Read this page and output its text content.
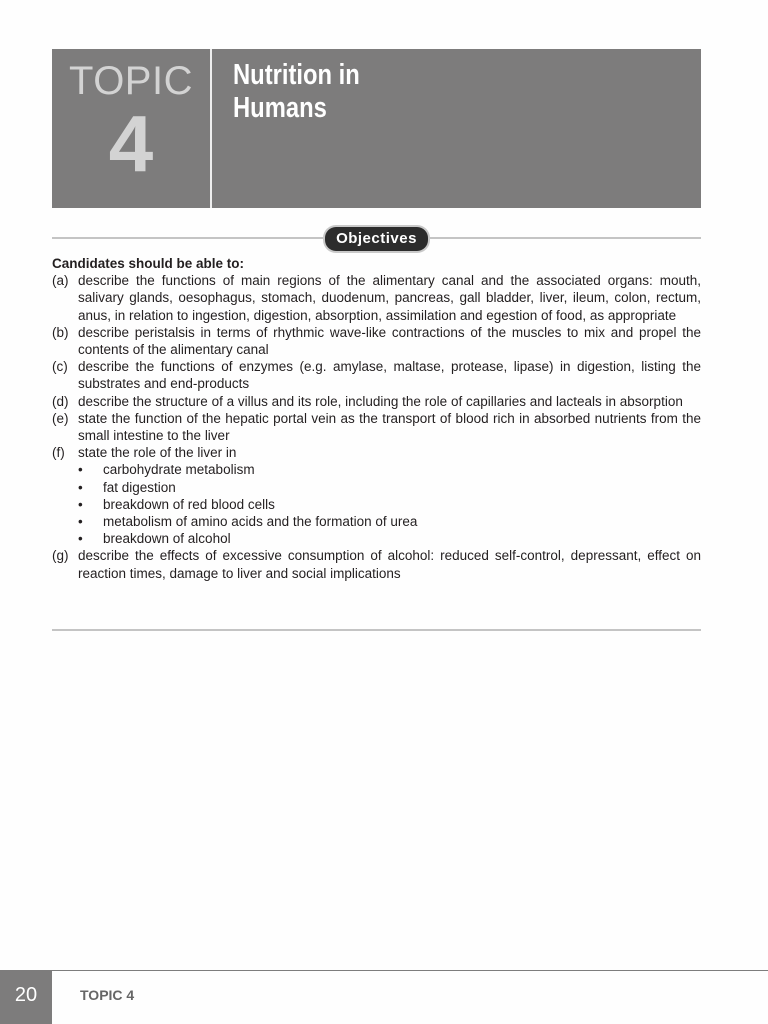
TOPIC
4
Nutrition in
Humans
Objectives
Candidates should be able to:
(a) describe the functions of main regions of the alimentary canal and the associated organs: mouth, salivary glands, oesophagus, stomach, duodenum, pancreas, gall bladder, liver, ileum, colon, rectum, anus, in relation to ingestion, digestion, absorption, assimilation and egestion of food, as appropriate
(b) describe peristalsis in terms of rhythmic wave-like contractions of the muscles to mix and propel the contents of the alimentary canal
(c) describe the functions of enzymes (e.g. amylase, maltase, protease, lipase) in digestion, listing the substrates and end-products
(d) describe the structure of a villus and its role, including the role of capillaries and lacteals in absorption
(e) state the function of the hepatic portal vein as the transport of blood rich in absorbed nutrients from the small intestine to the liver
(f) state the role of the liver in
•	carbohydrate metabolism
•	fat digestion
•	breakdown of red blood cells
•	metabolism of amino acids and the formation of urea
•	breakdown of alcohol
(g) describe the effects of excessive consumption of alcohol: reduced self-control, depressant, effect on reaction times, damage to liver and social implications
20	TOPIC 4
